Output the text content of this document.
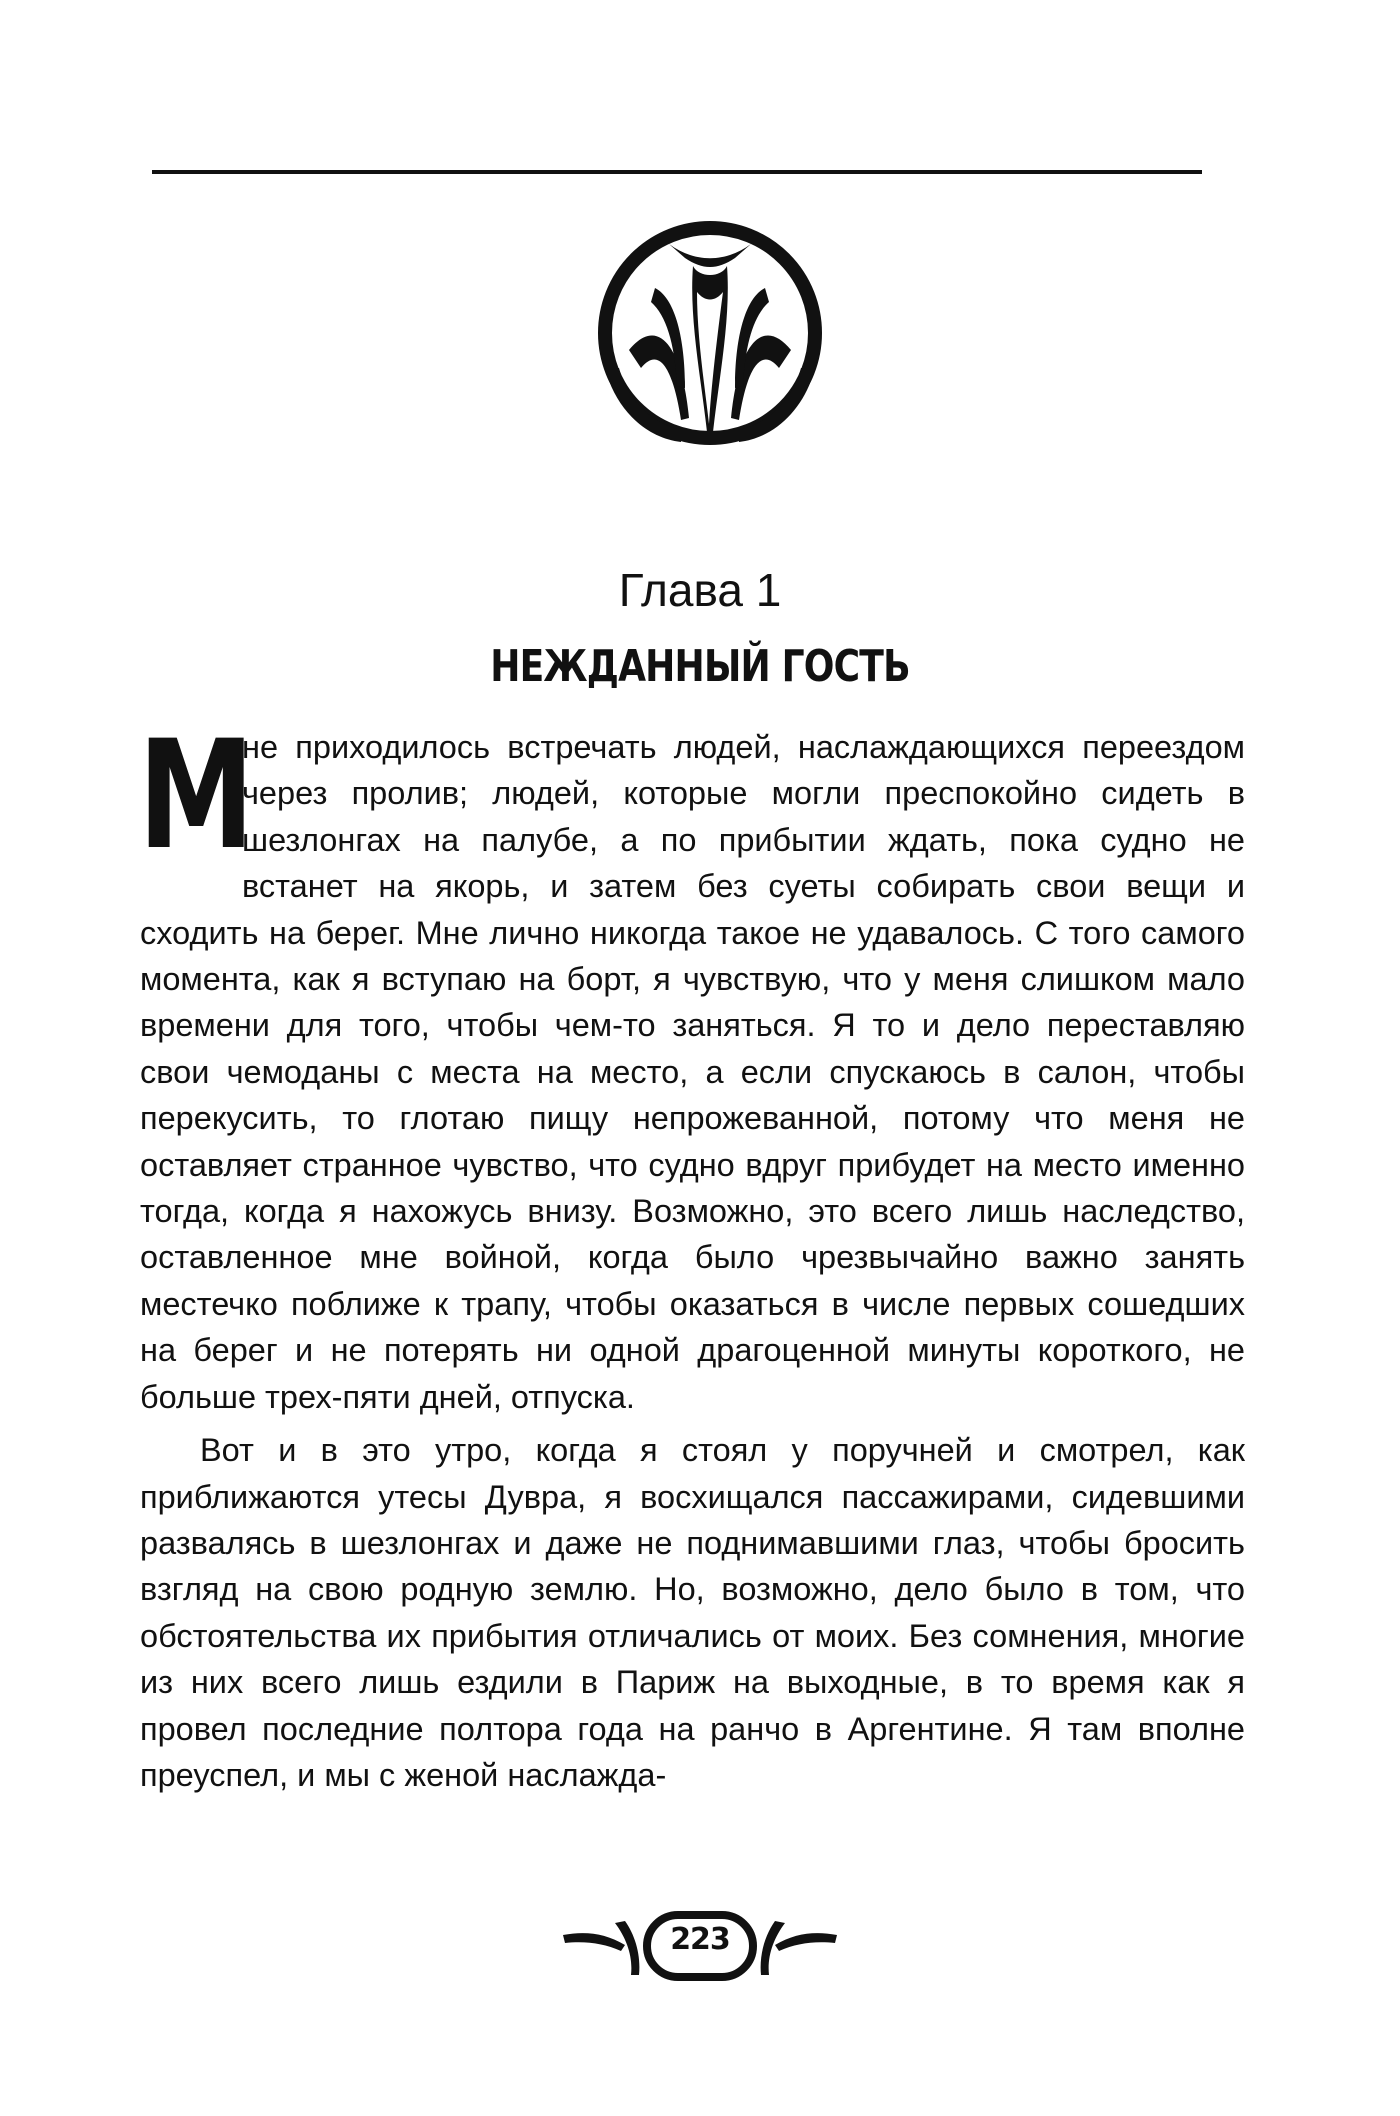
Глава 1
НЕЖДАННЫЙ ГОСТЬ

М
не приходилось встречать людей, наслаждающихся переездом через пролив; людей, которые могли преспокойно сидеть в шезлонгах на палубе, а по прибытии ждать, пока судно не встанет на якорь, и затем без суеты собирать свои вещи и сходить на берег. Мне лично никогда такое не удавалось. С того самого момента, как я вступаю на борт, я чувствую, что у меня слишком мало времени для того, чтобы чем-то заняться. Я то и дело переставляю свои чемоданы с места на место, а если спускаюсь в салон, чтобы перекусить, то глотаю пищу непрожеванной, потому что меня не оставляет странное чувство, что судно вдруг прибудет на место именно тогда, когда я нахожусь внизу. Возможно, это всего лишь наследство, оставленное мне войной, когда было чрезвычайно важно занять местечко поближе к трапу, чтобы оказаться в числе первых сошедших на берег и не потерять ни одной драгоценной минуты короткого, не больше трех-пяти дней, отпуска.

Вот и в это утро, когда я стоял у поручней и смотрел, как приближаются утесы Дувра, я восхищался пассажирами, сидевшими развалясь в шезлонгах и даже не поднимавшими глаз, чтобы бросить взгляд на свою родную землю. Но, возможно, дело было в том, что обстоятельства их прибытия отличались от моих. Без сомнения, многие из них всего лишь ездили в Париж на выходные, в то время как я провел последние полтора года на ранчо в Аргентине. Я там вполне преуспел, и мы с женой наслажда-

223
